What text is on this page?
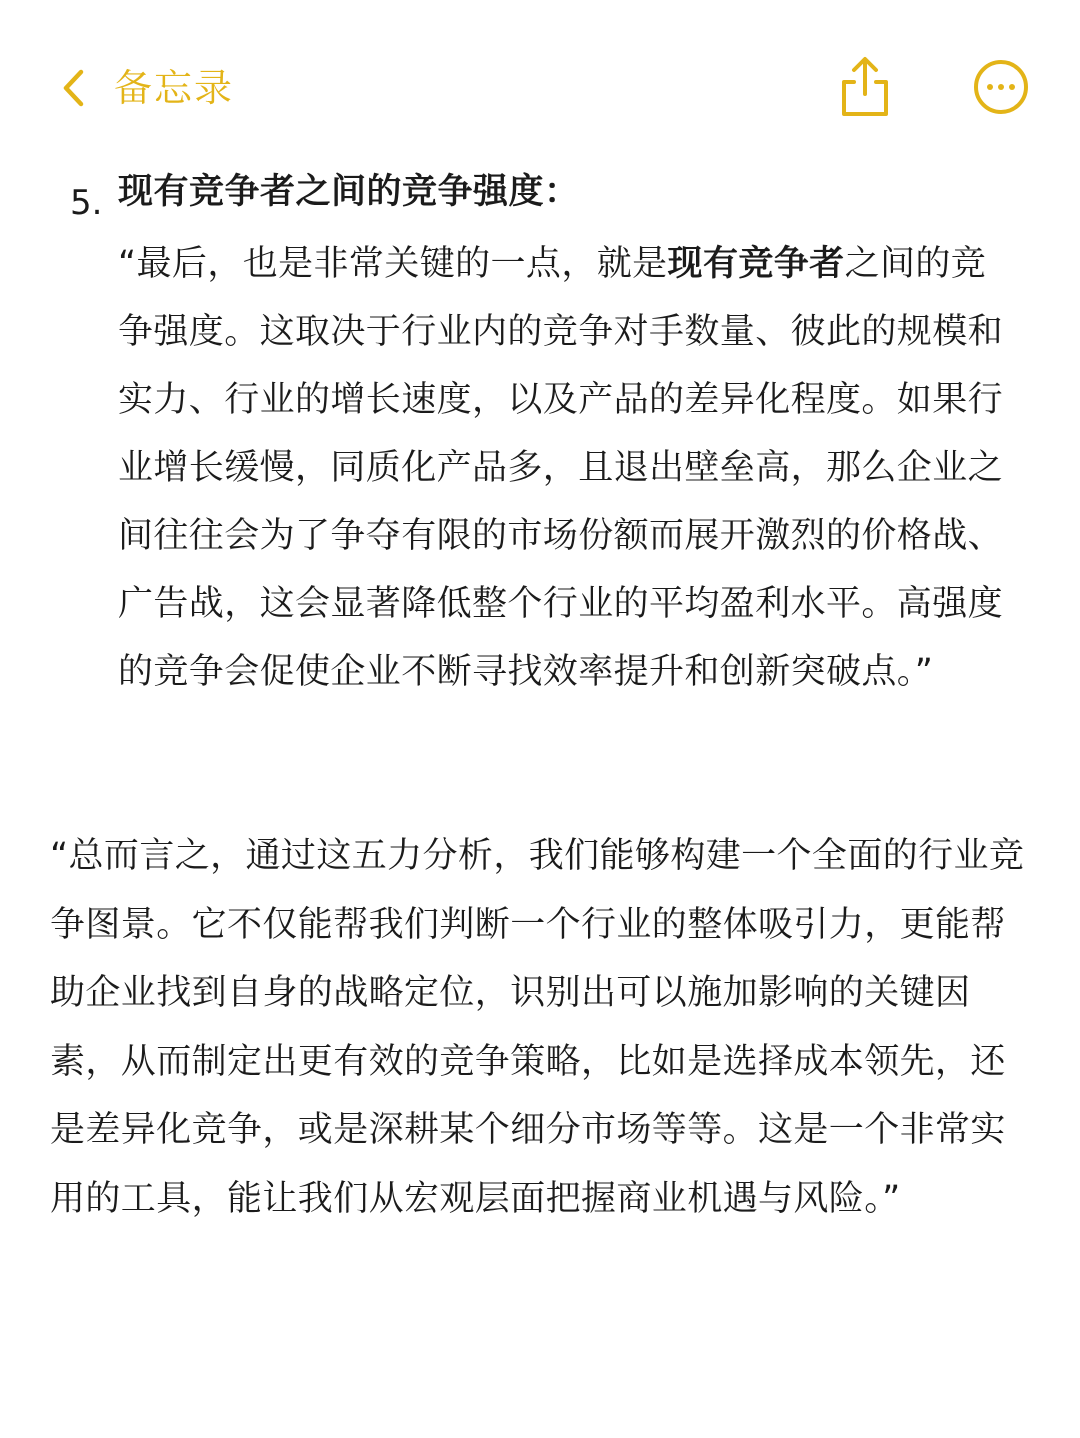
备忘录
5. 现有竞争者之间的竞争强度：
“最后，也是非常关键的一点，就是现有竞争者之间的竞争强度。这取决于行业内的竞争对手数量、彼此的规模和实力、行业的增长速度，以及产品的差异化程度。如果行业增长缓慢，同质化产品多，且退出壁垒高，那么企业之间往往会为了争夺有限的市场份额而展开激烈的价格战、广告战，这会显著降低整个行业的平均盈利水平。高强度的竞争会促使企业不断寻找效率提升和创新突破点。”
“总而言之，通过这五力分析，我们能够构建一个全面的行业竞争图景。它不仅能帮我们判断一个行业的整体吸引力，更能帮助企业找到自身的战略定位，识别出可以施加影响的关键因素，从而制定出更有效的竞争策略，比如是选择成本领先，还是差异化竞争，或是深耕某个细分市场等等。这是一个非常实用的工具，能让我们从宏观层面把握商业机遇与风险。”
